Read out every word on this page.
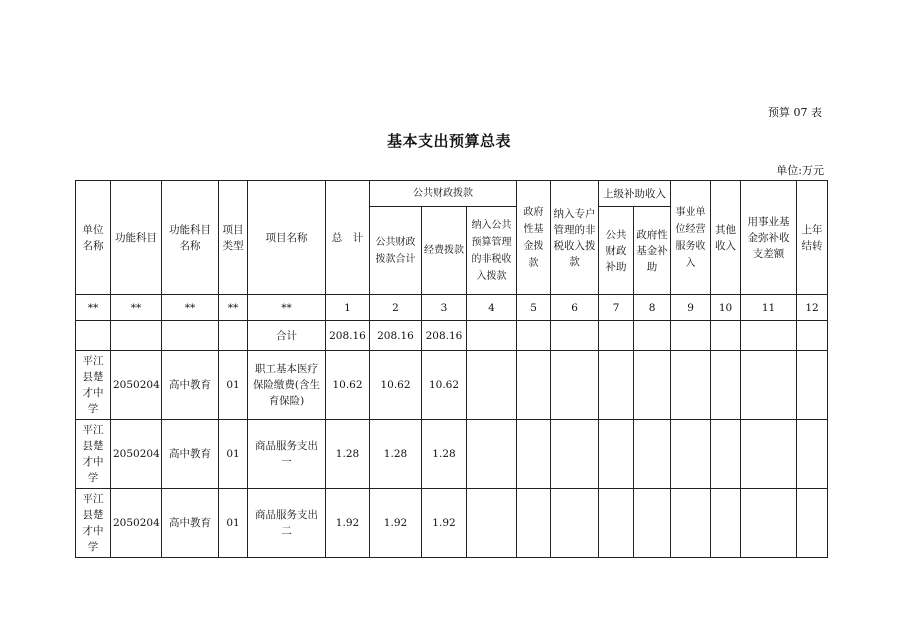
预算 07 表
基本支出预算总表
单位:万元
单位名称	功能科目	功能科目名称	项目类型	项目名称	总　计	公共财政拨款			政府性基金拨款	纳入专户管理的非税收入拨款	上级补助收入		事业单位经营服务收入	其他收入	用事业基金弥补收支差额	上年结转
						公共财政拨款合计	经费拨款	纳入公共预算管理的非税收入拨款			公共财政补助	政府性基金补助				
**	**	**	**	**	1	2	3	4	5	6	7	8	9	10	11	12
				合计	208.16	208.16	208.16									
平江县楚才中学	2050204	高中教育	01	职工基本医疗保险缴费(含生育保险)	10.62	10.62	10.62									
平江县楚才中学	2050204	高中教育	01	商品服务支出一	1.28	1.28	1.28									
平江县楚才中学	2050204	高中教育	01	商品服务支出二	1.92	1.92	1.92									
